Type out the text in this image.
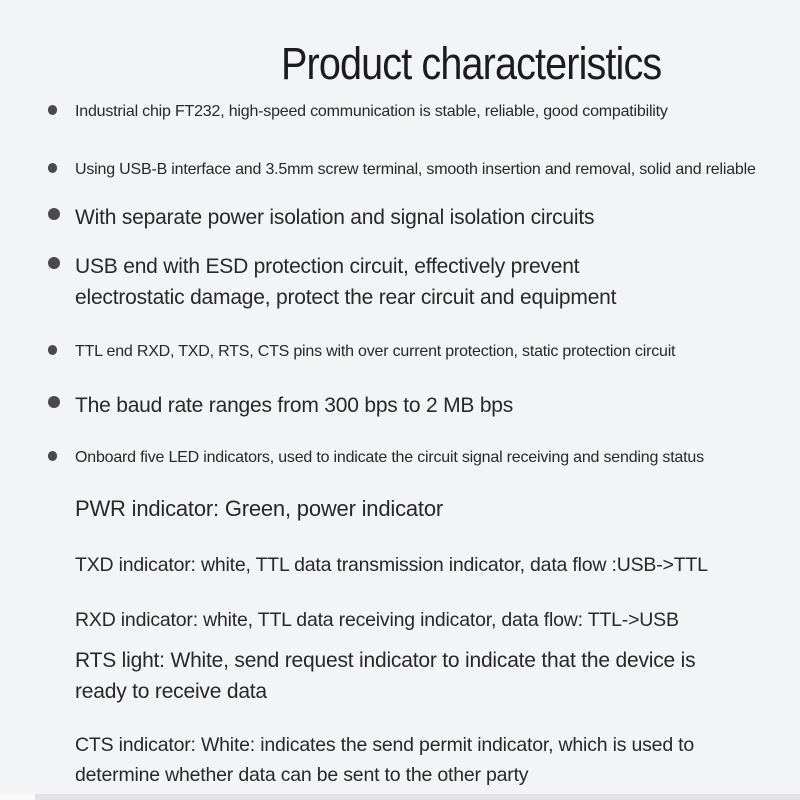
Product characteristics
Industrial chip FT232, high-speed communication is stable, reliable, good compatibility
Using USB-B interface and 3.5mm screw terminal, smooth insertion and removal, solid and reliable
With separate power isolation and signal isolation circuits
USB end with ESD protection circuit, effectively prevent electrostatic damage, protect the rear circuit and equipment
TTL end RXD, TXD, RTS, CTS pins with over current protection, static protection circuit
The baud rate ranges from 300 bps to 2 MB bps
Onboard five LED indicators, used to indicate the circuit signal receiving and sending status
PWR indicator: Green, power indicator
TXD indicator: white, TTL data transmission indicator, data flow :USB->TTL
RXD indicator: white, TTL data receiving indicator, data flow: TTL->USB
RTS light: White, send request indicator to indicate that the device is ready to receive data
CTS indicator: White: indicates the send permit indicator, which is used to determine whether data can be sent to the other party
